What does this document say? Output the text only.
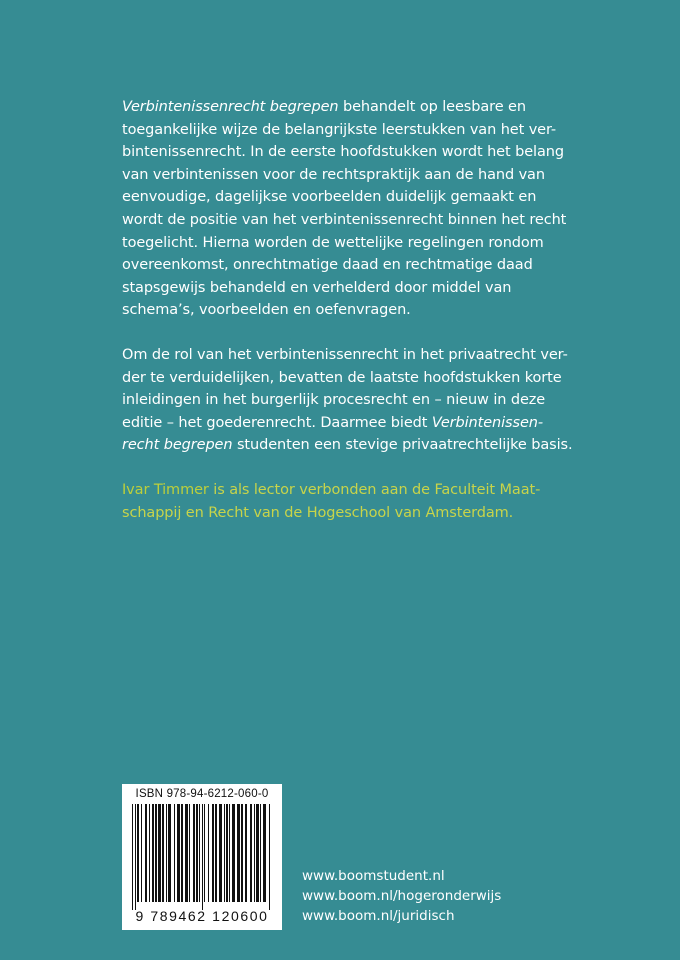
Verbintenissenrecht begrepen behandelt op leesbare en
toegankelijke wijze de belangrijkste leerstukken van het ver-
bintenissenrecht. In de eerste hoofdstukken wordt het belang
van verbintenissen voor de rechtspraktijk aan de hand van
eenvoudige, dagelijkse voorbeelden duidelijk gemaakt en
wordt de positie van het verbintenissenrecht binnen het recht
toegelicht. Hierna worden de wettelijke regelingen rondom
overeenkomst, onrechtmatige daad en rechtmatige daad
stapsgewijs behandeld en verhelderd door middel van
schema’s, voorbeelden en oefenvragen.
Om de rol van het verbintenissenrecht in het privaatrecht ver-
der te verduidelijken, bevatten de laatste hoofdstukken korte
inleidingen in het burgerlijk procesrecht en – nieuw in deze
editie – het goederenrecht. Daarmee biedt Verbintenissen-
recht begrepen studenten een stevige privaatrechtelijke basis.
Ivar Timmer is als lector verbonden aan de Faculteit Maat-
schappij en Recht van de Hogeschool van Amsterdam.
ISBN 978-94-6212-060-0
9 789462 120600
www.boomstudent.nl
www.boom.nl/hogeronderwijs
www.boom.nl/juridisch
